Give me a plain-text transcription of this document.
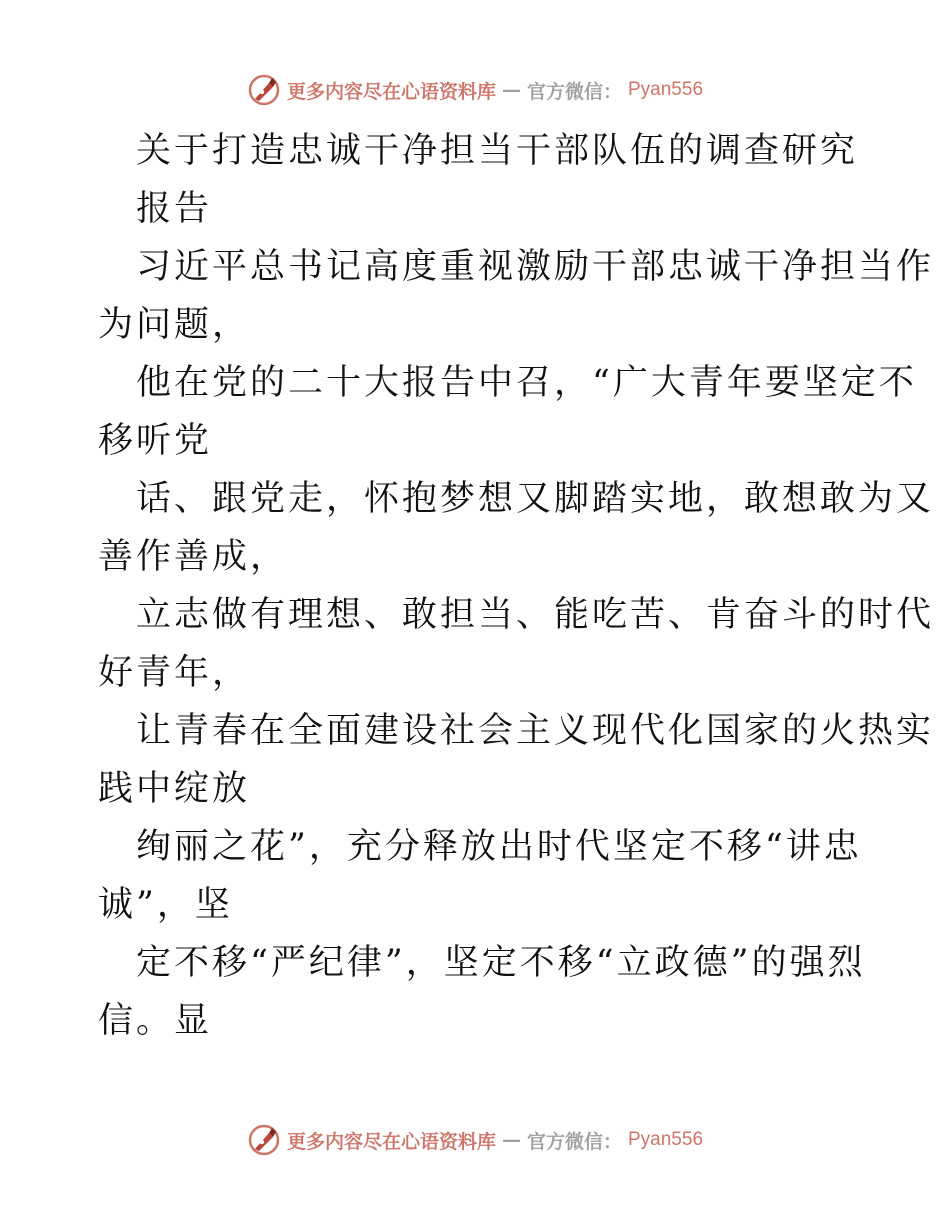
更多内容尽在心语资料库 — 官方微信： Pyan556
关于打造忠诚干净担当干部队伍的调查研究
报告
习近平总书记高度重视激励干部忠诚干净担当作
为问题，
他在党的二十大报告中召，“广大青年要坚定不
移听党
话、跟党走，怀抱梦想又脚踏实地，敢想敢为又
善作善成，
立志做有理想、敢担当、能吃苦、肯奋斗的时代
好青年，
让青春在全面建设社会主义现代化国家的火热实
践中绽放
绚丽之花”，充分释放出时代坚定不移“讲忠
诚”，坚
定不移“严纪律”，坚定不移“立政德”的强烈
信。显
更多内容尽在心语资料库 — 官方微信： Pyan556
